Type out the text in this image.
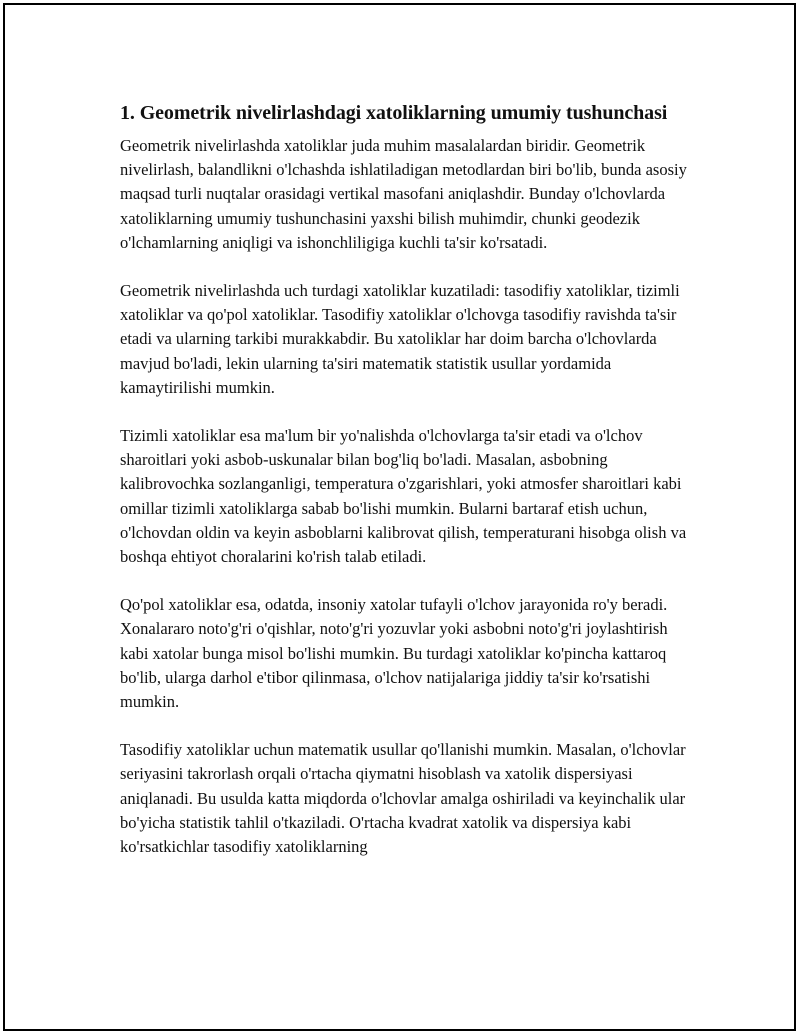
1. Geometrik nivelirlashdagi xatoliklarning umumiy tushunchasi

Geometrik nivelirlashda xatoliklar juda muhim masalalardan biridir. Geometrik nivelirlash, balandlikni o'lchashda ishlatiladigan metodlardan biri bo'lib, bunda asosiy maqsad turli nuqtalar orasidagi vertikal masofani aniqlashdir. Bunday o'lchovlarda xatoliklarning umumiy tushunchasini yaxshi bilish muhimdir, chunki geodezik o'lchamlarning aniqligi va ishonchliligiga kuchli ta'sir ko'rsatadi.

Geometrik nivelirlashda uch turdagi xatoliklar kuzatiladi: tasodifiy xatoliklar, tizimli xatoliklar va qo'pol xatoliklar. Tasodifiy xatoliklar o'lchovga tasodifiy ravishda ta'sir etadi va ularning tarkibi murakkabdir. Bu xatoliklar har doim barcha o'lchovlarda mavjud bo'ladi, lekin ularning ta'siri matematik statistik usullar yordamida kamaytirilishi mumkin.

Tizimli xatoliklar esa ma'lum bir yo'nalishda o'lchovlarga ta'sir etadi va o'lchov sharoitlari yoki asbob-uskunalar bilan bog'liq bo'ladi. Masalan, asbobning kalibrovochka sozlanganligi, temperatura o'zgarishlari, yoki atmosfer sharoitlari kabi omillar tizimli xatoliklarga sabab bo'lishi mumkin. Bularni bartaraf etish uchun, o'lchovdan oldin va keyin asboblarni kalibrovat qilish, temperaturani hisobga olish va boshqa ehtiyot choralarini ko'rish talab etiladi.

Qo'pol xatoliklar esa, odatda, insoniy xatolar tufayli o'lchov jarayonida ro'y beradi. Xonalararo noto'g'ri o'qishlar, noto'g'ri yozuvlar yoki asbobni noto'g'ri joylashtirish kabi xatolar bunga misol bo'lishi mumkin. Bu turdagi xatoliklar ko'pincha kattaroq bo'lib, ularga darhol e'tibor qilinmasa, o'lchov natijalariga jiddiy ta'sir ko'rsatishi mumkin.

Tasodifiy xatoliklar uchun matematik usullar qo'llanishi mumkin. Masalan, o'lchovlar seriyasini takrorlash orqali o'rtacha qiymatni hisoblash va xatolik dispersiyasi aniqlanadi. Bu usulda katta miqdorda o'lchovlar amalga oshiriladi va keyinchalik ular bo'yicha statistik tahlil o'tkaziladi. O'rtacha kvadrat xatolik va dispersiya kabi ko'rsatkichlar tasodifiy xatoliklarning
